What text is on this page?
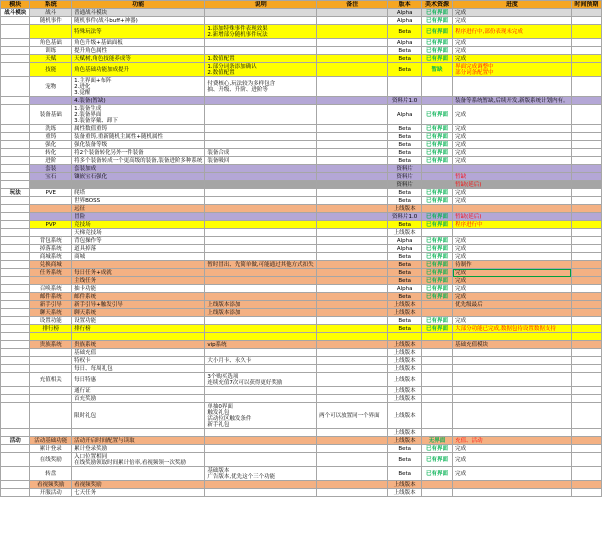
模块	系统	功能	说明	备注	版本	美术资源	进度	时间预期
战斗模块	战斗	普通战斗模块			Alpha	已有界面	完成	
	随机事件	随机事件(战斗buff+神器)			Alpha	已有界面	完成	
		特殊玩法等	1.添加特殊事件表现效果
2.新增部分随机事件玩法		Beta	已有界面	程序进行中,部份表现未完成	
	角色基础	角色升级+基础面板			Alpha	已有界面	完成	
	训练	提升角色属性			Beta	已有界面	完成	
	天赋	天赋树,角色技能养成等	1.数值配置		Beta	已有界面	完成	
	技能	角色基础功能加成提升	1.部分词条添加确认
2.数值配置		Beta	暂缺	界面完成调整中
部分词条配置中	
	宠物	1.主界面+布阵
2.进化
3.觉醒	付费核心,玩法较为多样包含
抽、升级、升阶、进阶等					
		4.装备(暂缺)			资料片1.0		装备等系统暂缺,后续开发,新版系统计划内有。	
	装备基础	1.装备生成
2.装备界面
3.装备穿戴、卸下			Alpha	已有界面	完成	
	洗练	属性数值重铸			Beta	已有界面	完成	
	重铸	装备重铸,重新随机主属性+随机属性			Beta	已有界面	完成	
	强化	强化装备等级			Beta	已有界面	完成	
	转化	将2个装备转化另外一件装备	装备合成		Beta	已有界面	完成	
	进阶	将多个装备转成一个更高级的装备,装备进阶多种系统	装备吸回		Beta	已有界面	完成	
	套装	套装加成			资料片			
	宝石	镶嵌宝石强化			资料片		暂缺	
					资料片		暂缺(延后)	
玩法	PVE	爬塔			Beta	已有界面	完成	
		世界BOSS			Beta	已有界面	完成	
		远征			上线版本			
		冒险			资料片1.0	已有界面	暂缺(延后)	
	PVP	竞技场			Beta	已有界面	程序进行中	
		天梯竞技场			上线版本			
	背包系统	背包操作等			Alpha	已有界面	完成	
	掉落系统	道具掉落			Alpha	已有界面	完成	
	商城系统	商城			Beta	已有界面	完成	
	兑换商城		暂时冒出、先简单做,可能通过其他方式扣失		Beta	已有界面	待制作	
	任务系统	每日任务+成就			Beta	已有界面	完成	
		主线任务			Beta	已有界面	完成	
	召唤系统	抽卡功能			Alpha	已有界面	完成	
	邮件系统	邮件系统			Beta	已有界面	完成	
	新手引导	新手引导+触发引导	上线版本添加		上线版本		优先级最后	
	聊天系统	聊天系统	上线版本添加		上线版本			
	设置功能	设置功能			Beta	已有界面	完成	
	排行榜	排行榜			Beta	已有界面	大部分功能已完成,数据包待设置数据支持	

	贵族系统	贵族系统	vip系统		上线版本		基础充值模块	
		基础充值			上线版本			
		特权卡	大小月卡、永久卡		上线版本			
		每日、每周礼包			上线版本			
	充值相关	每日特惠	3个购买选项
连续充值7次可以获得更好奖励		上线版本			
		通行证			上线版本			
		首充奖励			上线版本			
		限时礼包	单抽0界面
触发礼包
活动位区触发条件
新手礼包	两个可以放置同一个界面	上线版本			
					上线版本			
活动	活动基础功能	活动开启时间配置与读取			上线版本	无界面	充值、活动	
	累计登录	累计登录奖励			Beta	已有界面	完成	
	在线奖励	入口位置相同
在线奖励领取时间累计倍率,看视频领一次奖励			Beta	已有界面	完成	
	转盘		基础版本
广告版本,优先这个三个功能		Beta	已有界面	完成	
	看视频奖励	看视频奖励			上线版本			
	开服活动	七天任务			上线版本			
